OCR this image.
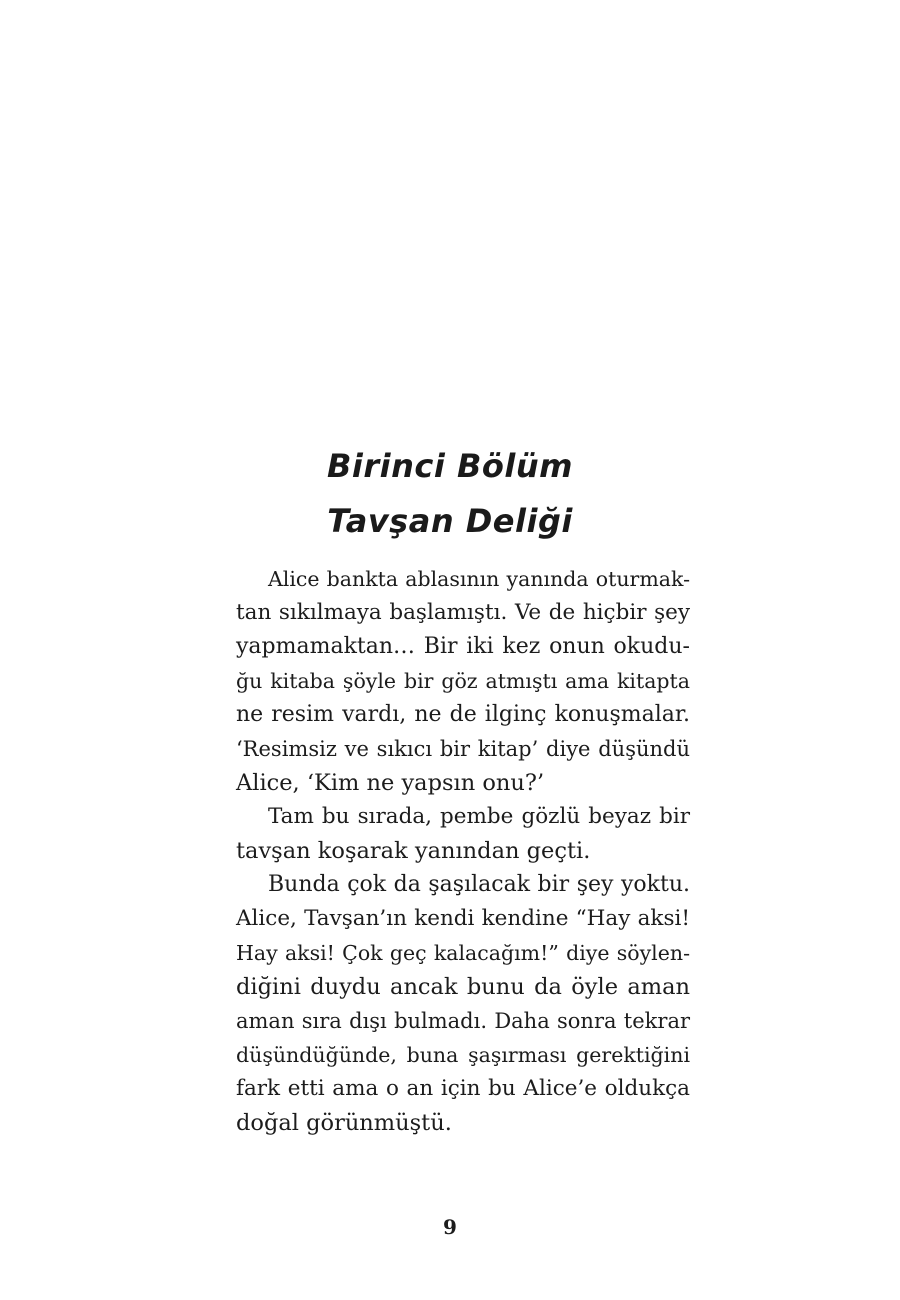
Birinci Bölüm
Tavşan Deliği
Alice bankta ablasının yanında oturmak-
tan sıkılmaya başlamıştı. Ve de hiçbir şey
yapmamaktan… Bir iki kez onun okudu-
ğu kitaba şöyle bir göz atmıştı ama kitapta
ne resim vardı, ne de ilginç konuşmalar.
‘Resimsiz ve sıkıcı bir kitap’ diye düşündü
Alice, ‘Kim ne yapsın onu?’
Tam bu sırada, pembe gözlü beyaz bir
tavşan koşarak yanından geçti.
Bunda çok da şaşılacak bir şey yoktu.
Alice, Tavşan’ın kendi kendine “Hay aksi!
Hay aksi! Çok geç kalacağım!” diye söylen-
diğini duydu ancak bunu da öyle aman
aman sıra dışı bulmadı. Daha sonra tekrar
düşündüğünde, buna şaşırması gerektiğini
fark etti ama o an için bu Alice’e oldukça
doğal görünmüştü.
9
